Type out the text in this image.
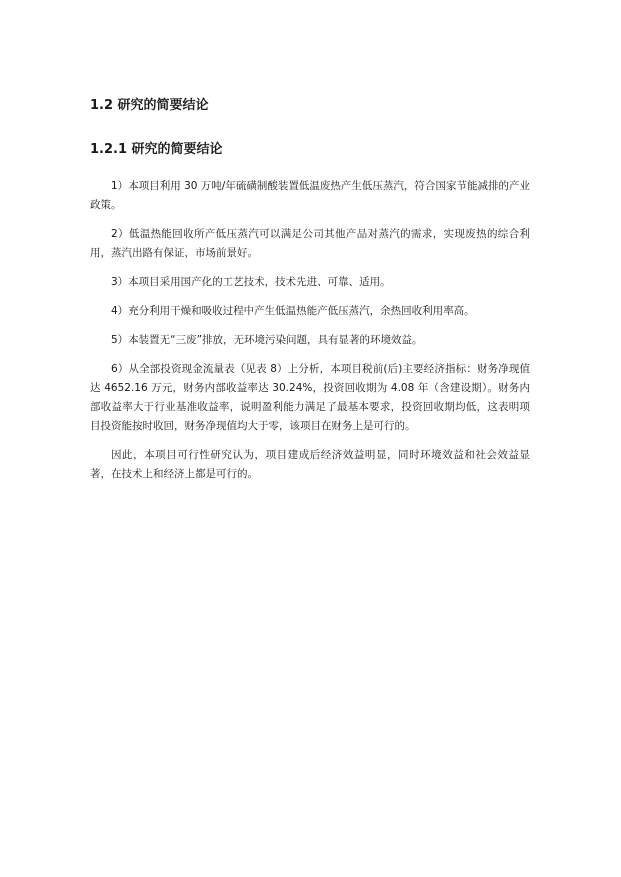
1.2 研究的简要结论
1.2.1 研究的简要结论

1）本项目利用 30 万吨/年硫磺制酸装置低温废热产生低压蒸汽，符合国家节能减排的产业政策。

2）低温热能回收所产低压蒸汽可以满足公司其他产品对蒸汽的需求，实现废热的综合利用，蒸汽出路有保证，市场前景好。

3）本项目采用国产化的工艺技术，技术先进、可靠、适用。

4）充分利用干燥和吸收过程中产生低温热能产低压蒸汽，余热回收利用率高。

5）本装置无“三废”排放，无环境污染问题，具有显著的环境效益。

6）从全部投资现金流量表（见表 8）上分析，本项目税前(后)主要经济指标：财务净现值达 4652.16 万元，财务内部收益率达 30.24%，投资回收期为 4.08 年（含建设期）。财务内部收益率大于行业基准收益率，说明盈利能力满足了最基本要求，投资回收期均低，这表明项目投资能按时收回，财务净现值均大于零，该项目在财务上是可行的。

因此，本项目可行性研究认为，项目建成后经济效益明显，同时环境效益和社会效益显著，在技术上和经济上都是可行的。
